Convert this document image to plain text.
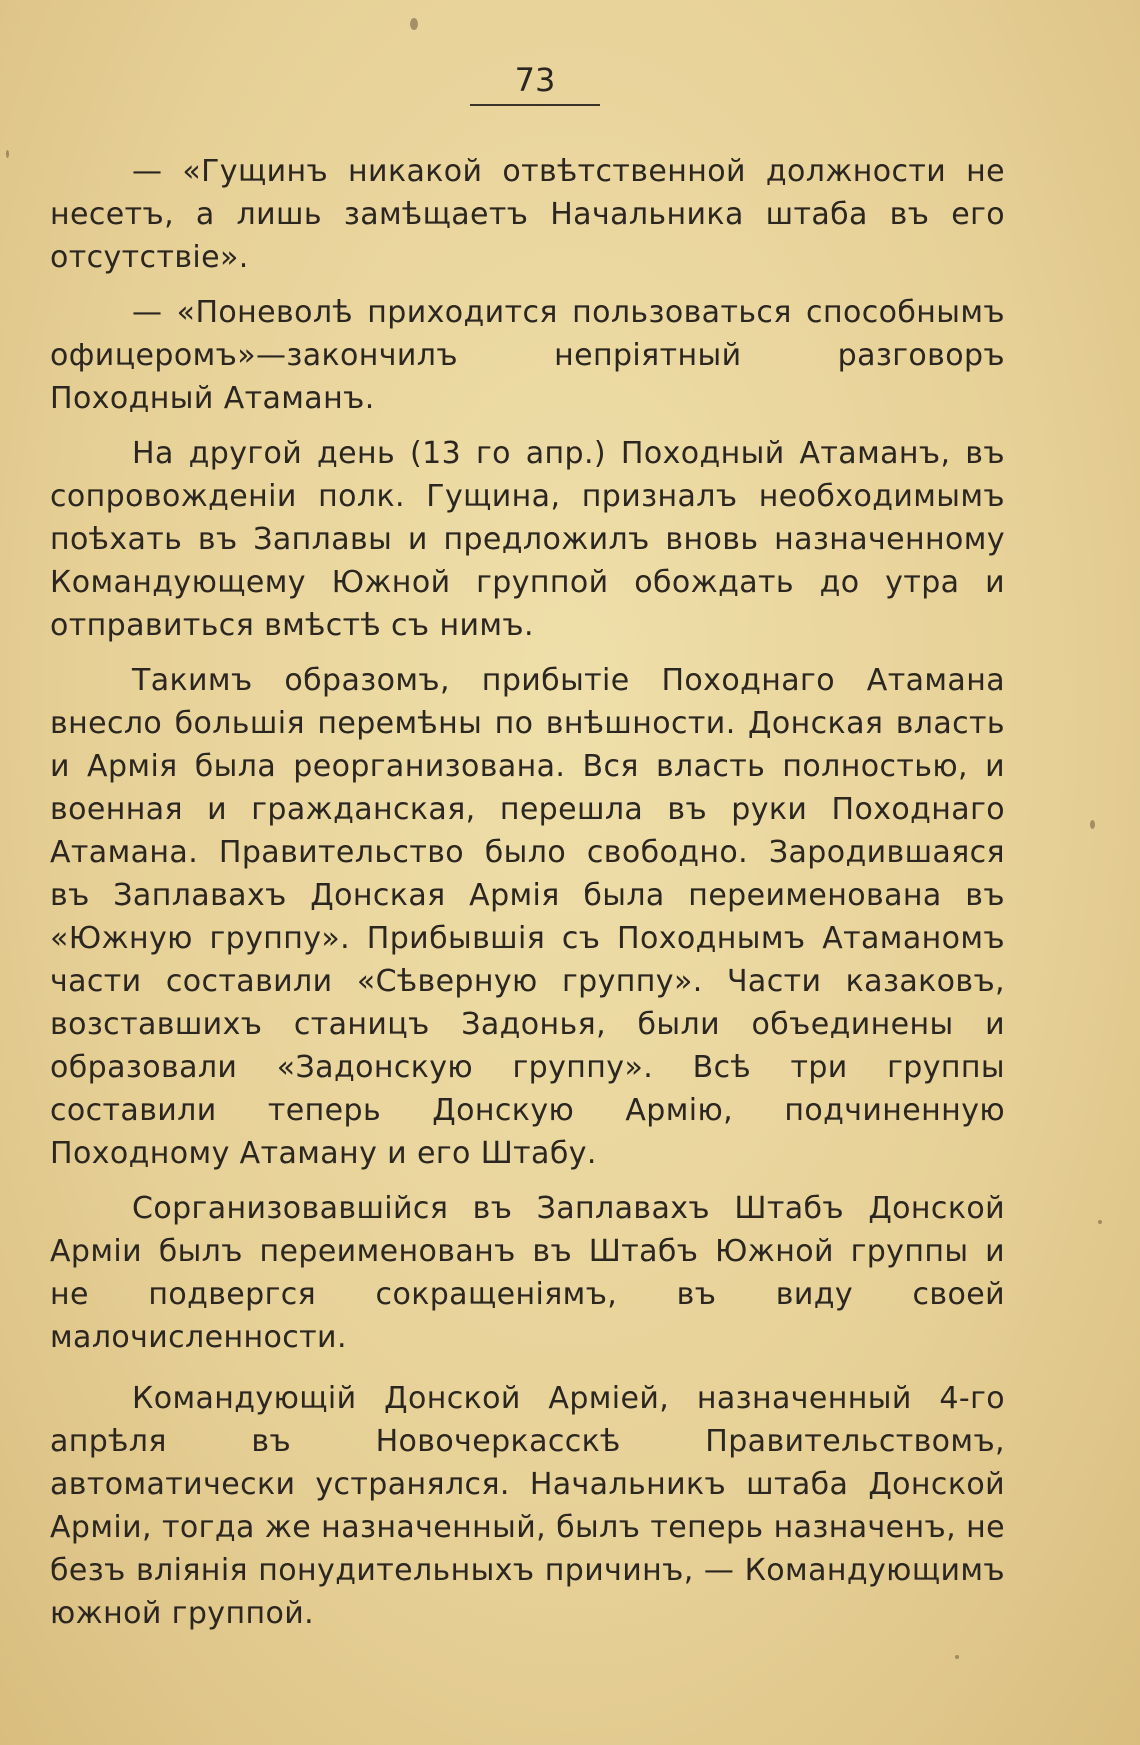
73

— «Гущинъ никакой отвѣтственной должности не несетъ, а лишь замѣщаетъ Начальника штаба въ его отсутствіе».

— «Поневолѣ приходится пользоваться способнымъ офицеромъ»—закончилъ непріятный разговоръ Походный Атаманъ.

На другой день (13 го апр.) Походный Атаманъ, въ сопровожденіи полк. Гущина, призналъ необходимымъ поѣхать въ Заплавы и предложилъ вновь назначенному Командующему Южной группой обождать до утра и отправиться вмѣстѣ съ нимъ.

Такимъ образомъ, прибытіе Походнаго Атамана внесло большія перемѣны по внѣшности. Донская власть и Армія была реорганизована. Вся власть полностью, и военная и гражданская, перешла въ руки Походнаго Атамана. Правительство было свободно. Зародившаяся въ Заплавахъ Донская Армія была переименована въ «Южную группу». Прибывшія съ Походнымъ Атаманомъ части составили «Сѣверную группу». Части казаковъ, возставшихъ станицъ Задонья, были объединены и образовали «Задонскую группу». Всѣ три группы составили теперь Донскую Армію, подчиненную Походному Атаману и его Штабу.

Сорганизовавшійся въ Заплавахъ Штабъ Донской Арміи былъ переименованъ въ Штабъ Южной группы и не подвергся сокращеніямъ, въ виду своей малочисленности.

Командующій Донской Арміей, назначенный 4-го апрѣля въ Новочеркасскѣ Правительствомъ, автоматически устранялся. Начальникъ штаба Донской Арміи, тогда же назначенный, былъ теперь назначенъ, не безъ вліянія понудительныхъ причинъ, — Командующимъ южной группой.
